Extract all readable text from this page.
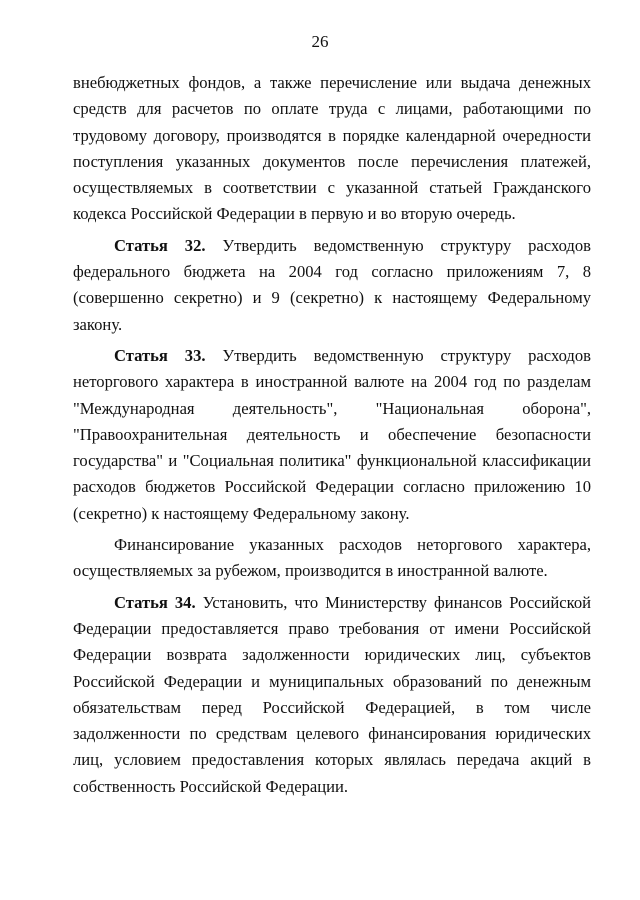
26

внебюджетных фондов, а также перечисление или выдача денежных средств для расчетов по оплате труда с лицами, работающими по трудовому договору, производятся в порядке календарной очередности поступления указанных документов после перечисления платежей, осуществляемых в соответствии с указанной статьей Гражданского кодекса Российской Федерации в первую и во вторую очередь.

Статья 32. Утвердить ведомственную структуру расходов федерального бюджета на 2004 год согласно приложениям 7, 8 (совершенно секретно) и 9 (секретно) к настоящему Федеральному закону.

Статья 33. Утвердить ведомственную структуру расходов неторгового характера в иностранной валюте на 2004 год по разделам "Международная деятельность", "Национальная оборона", "Правоохранительная деятельность и обеспечение безопасности государства" и "Социальная политика" функциональной классификации расходов бюджетов Российской Федерации согласно приложению 10 (секретно) к настоящему Федеральному закону.

Финансирование указанных расходов неторгового характера, осуществляемых за рубежом, производится в иностранной валюте.

Статья 34. Установить, что Министерству финансов Российской Федерации предоставляется право требования от имени Российской Федерации возврата задолженности юридических лиц, субъектов Российской Федерации и муниципальных образований по денежным обязательствам перед Российской Федерацией, в том числе задолженности по средствам целевого финансирования юридических лиц, условием предоставления которых являлась передача акций в собственность Российской Федерации.
